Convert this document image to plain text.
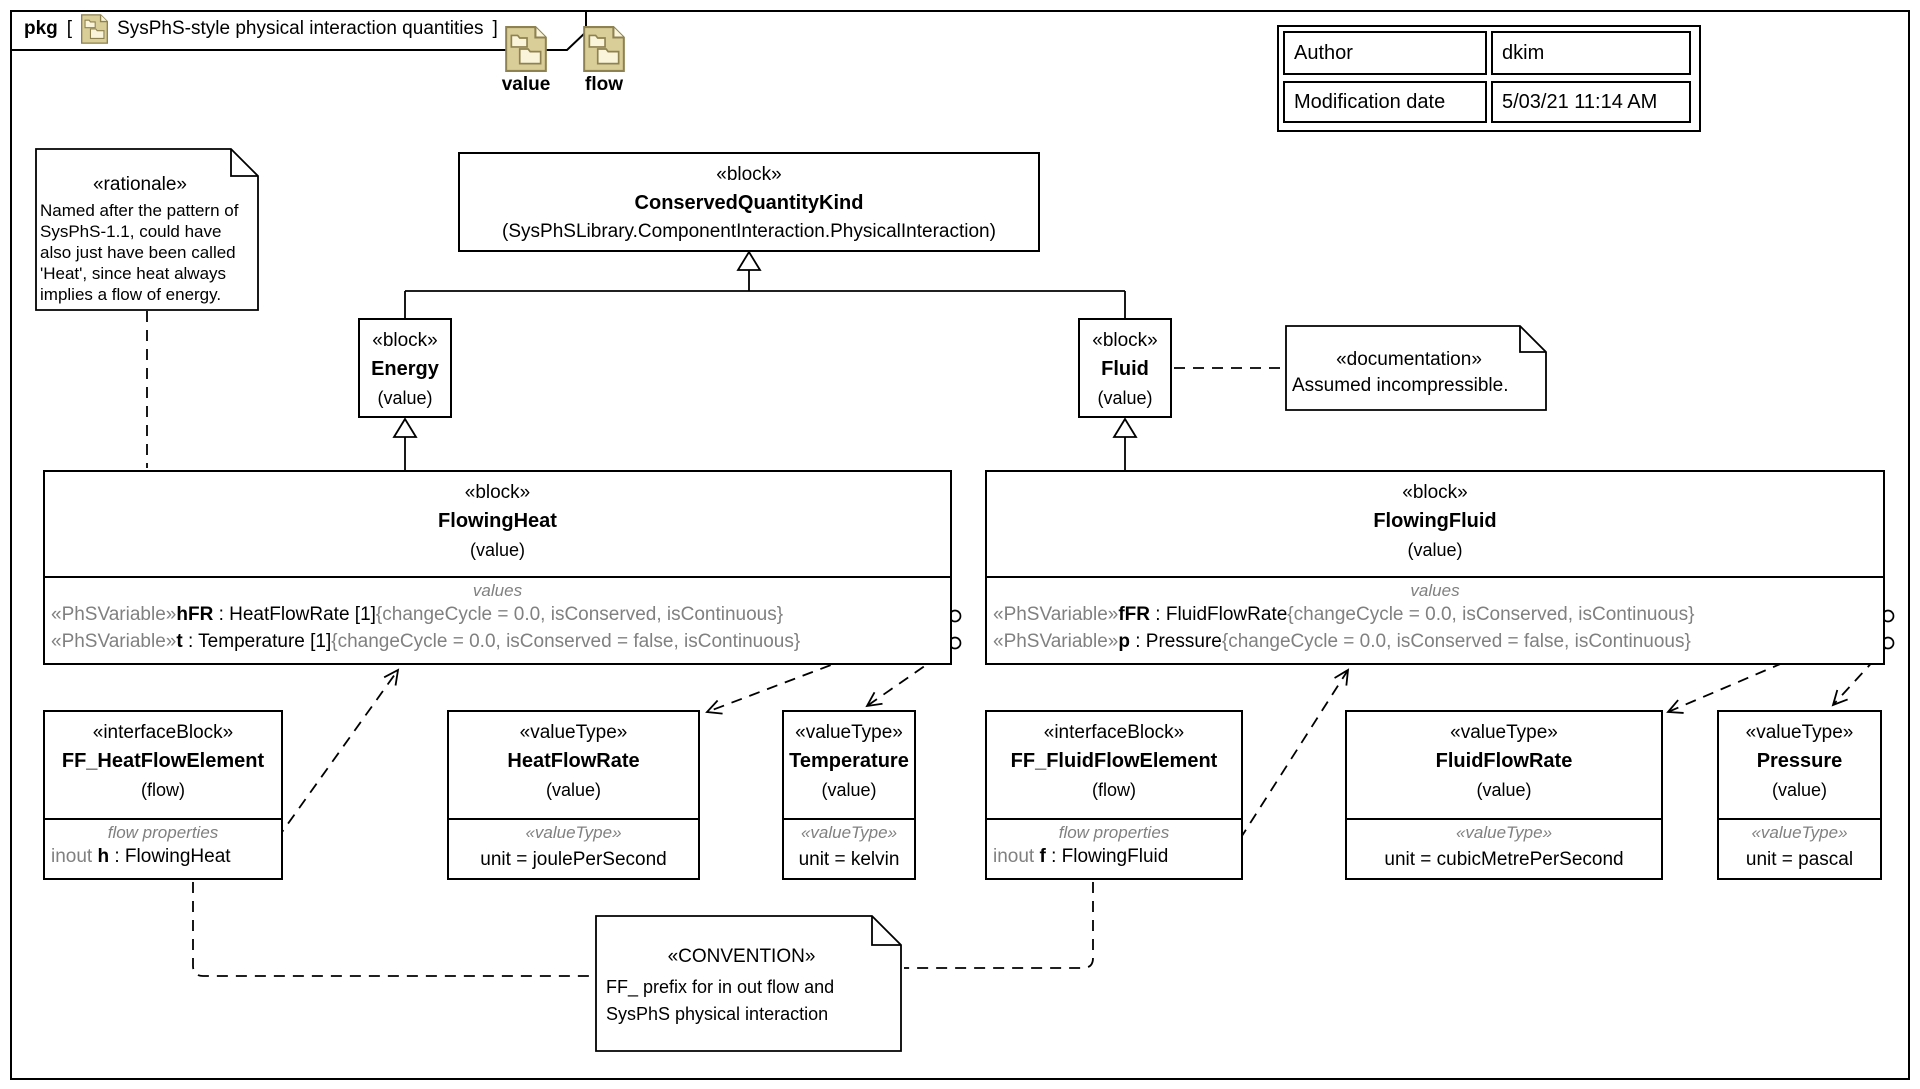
pkg [ SysPhS-style physical interaction quantities ]
value	flow
Author	dkim
Modification date	5/03/21 11:14 AM
«block»
ConservedQuantityKind
(SysPhSLibrary.ComponentInteraction.PhysicalInteraction)
«block»
Energy
(value)
«block»
Fluid
(value)
«rationale»
Named after the pattern of
SysPhS-1.1, could have
also just have been called
'Heat', since heat always
implies a flow of energy.
«documentation»
Assumed incompressible.
«block»
FlowingHeat
(value)
values
«PhSVariable»hFR : HeatFlowRate [1]{changeCycle = 0.0, isConserved, isContinuous}
«PhSVariable»t : Temperature [1]{changeCycle = 0.0, isConserved = false, isContinuous}
«block»
FlowingFluid
(value)
values
«PhSVariable»fFR : FluidFlowRate{changeCycle = 0.0, isConserved, isContinuous}
«PhSVariable»p : Pressure{changeCycle = 0.0, isConserved = false, isContinuous}
«interfaceBlock»
FF_HeatFlowElement
(flow)
flow properties
inout h : FlowingHeat
«valueType»
HeatFlowRate
(value)
«valueType»
unit = joulePerSecond
«valueType»
Temperature
(value)
«valueType»
unit = kelvin
«interfaceBlock»
FF_FluidFlowElement
(flow)
flow properties
inout f : FlowingFluid
«valueType»
FluidFlowRate
(value)
«valueType»
unit = cubicMetrePerSecond
«valueType»
Pressure
(value)
«valueType»
unit = pascal
«CONVENTION»
FF_ prefix for in out flow and
SysPhS physical interaction
